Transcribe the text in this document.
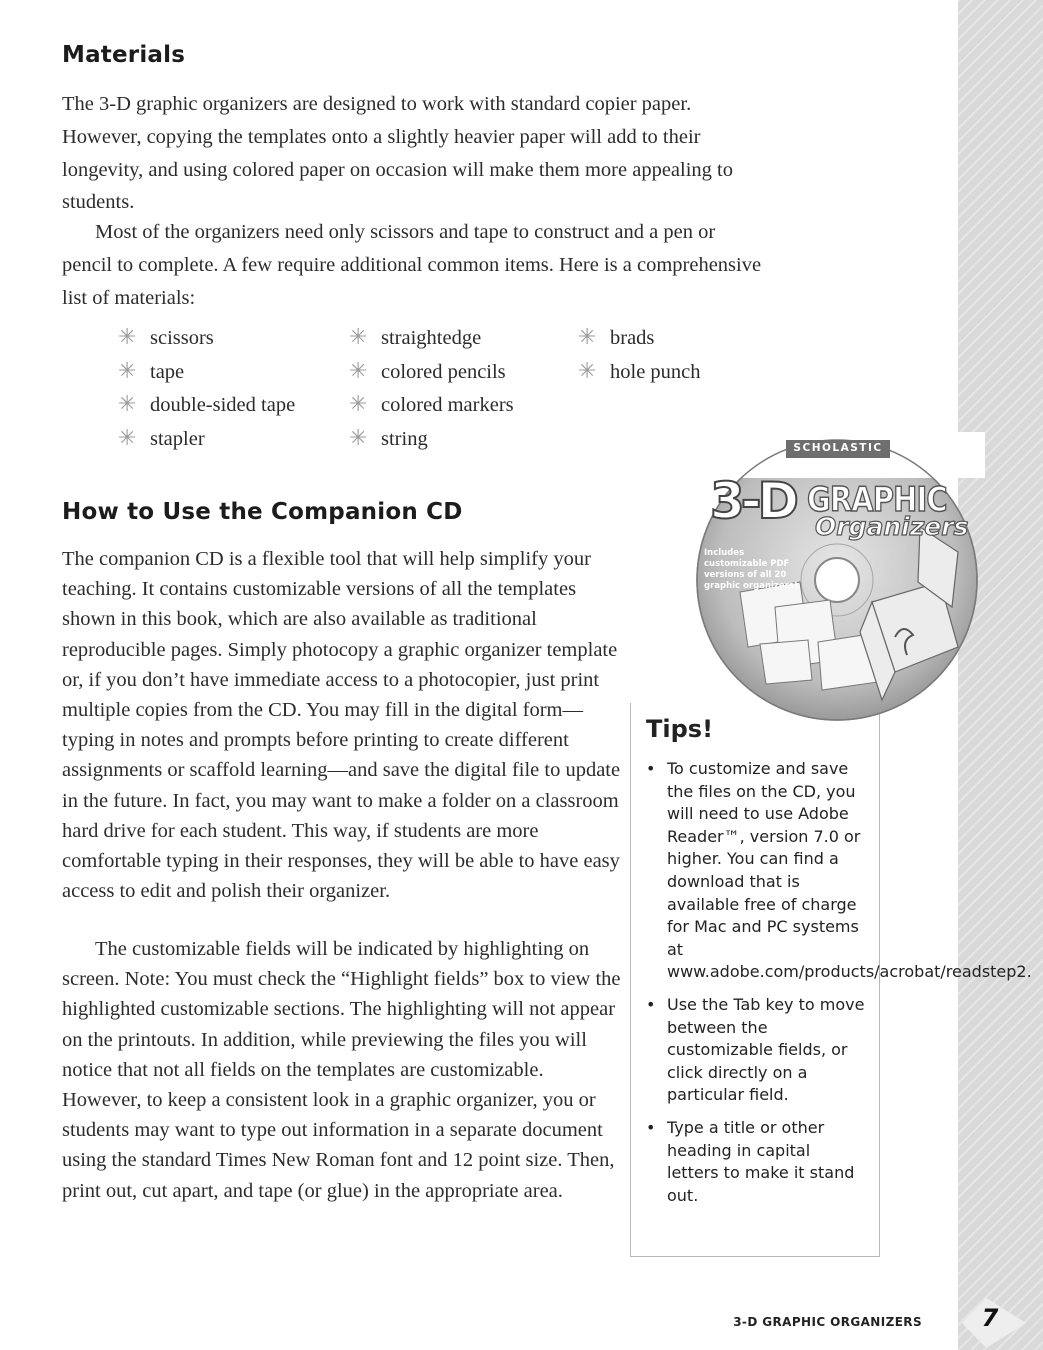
7
3-D GRAPHIC ORGANIZERS
Materials

The 3-D graphic organizers are designed to work with standard copier paper. However, copying the templates onto a slightly heavier paper will add to their longevity, and using colored paper on occasion will make them more appealing to students.

Most of the organizers need only scissors and tape to construct and a pen or pencil to complete. A few require additional common items. Here is a comprehensive list of materials:

✳ scissors
✳ tape
✳ double-sided tape
✳ stapler
✳ straightedge
✳ colored pencils
✳ colored markers
✳ string
✳ brads
✳ hole punch
How to Use the Companion CD

The companion CD is a flexible tool that will help simplify your teaching. It contains customizable versions of all the templates shown in this book, which are also available as traditional reproducible pages. Simply photocopy a graphic organizer template or, if you don’t have immediate access to a photocopier, just print multiple copies from the CD. You may fill in the digital form—typing in notes and prompts before printing to create different assignments or scaffold learning—and save the digital file to update in the future. In fact, you may want to make a folder on a classroom hard drive for each student. This way, if students are more comfortable typing in their responses, they will be able to have easy access to edit and polish their organizer.

The customizable fields will be indicated by highlighting on screen. Note: You must check the “Highlight fields” box to view the highlighted customizable sections. The highlighting will not appear on the printouts. In addition, while previewing the files you will notice that not all fields on the templates are customizable. However, to keep a consistent look in a graphic organizer, you or students may want to type out information in a separate document using the standard Times New Roman font and 12 point size. Then, print out, cut apart, and tape (or glue) in the appropriate area.

SCHOLASTIC
3-D GRAPHIC
Organizers
Includes customizable PDF versions of all 20 graphic organizers!
Tips!
• To customize and save the files on the CD, you will need to use Adobe Reader™, version 7.0 or higher. You can find a download that is available free of charge for Mac and PC systems at www.adobe.com/products/acrobat/readstep2.
• Use the Tab key to move between the customizable fields, or click directly on a particular field.
• Type a title or other heading in capital letters to make it stand out.
